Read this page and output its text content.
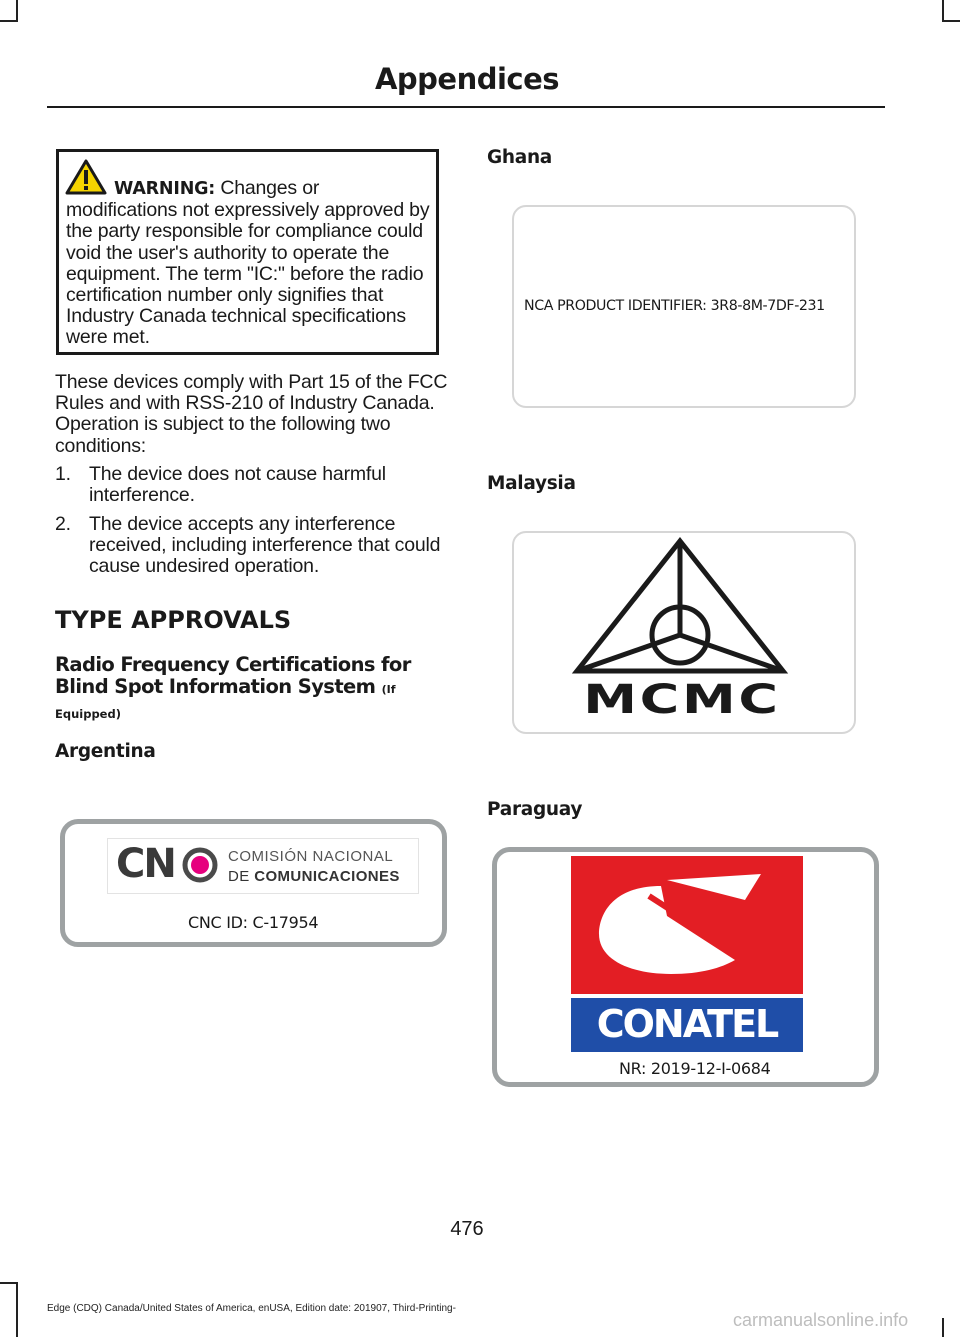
Appendices
WARNING: Changes or modifications not expressively approved by the party responsible for compliance could void the user's authority to operate the equipment. The term "IC:" before the radio certification number only signifies that Industry Canada technical specifications were met.
These devices comply with Part 15 of the FCC Rules and with RSS-210 of Industry Canada. Operation is subject to the following two conditions:
1. The device does not cause harmful interference.
2. The device accepts any interference received, including interference that could cause undesired operation.
TYPE APPROVALS
Radio Frequency Certifications for
Blind Spot Information System (If
Equipped)
Argentina
CN	COMISIÓN NACIONAL
DE COMUNICACIONES
CNC ID: C-17954
Ghana
NCA PRODUCT IDENTIFIER: 3R8-8M-7DF-231
Malaysia
MCMC
Paraguay
CONATEL
NR: 2019-12-I-0684
476
Edge (CDQ) Canada/United States of America, enUSA, Edition date: 201907, Third-Printing-
carmanualsonline.info
